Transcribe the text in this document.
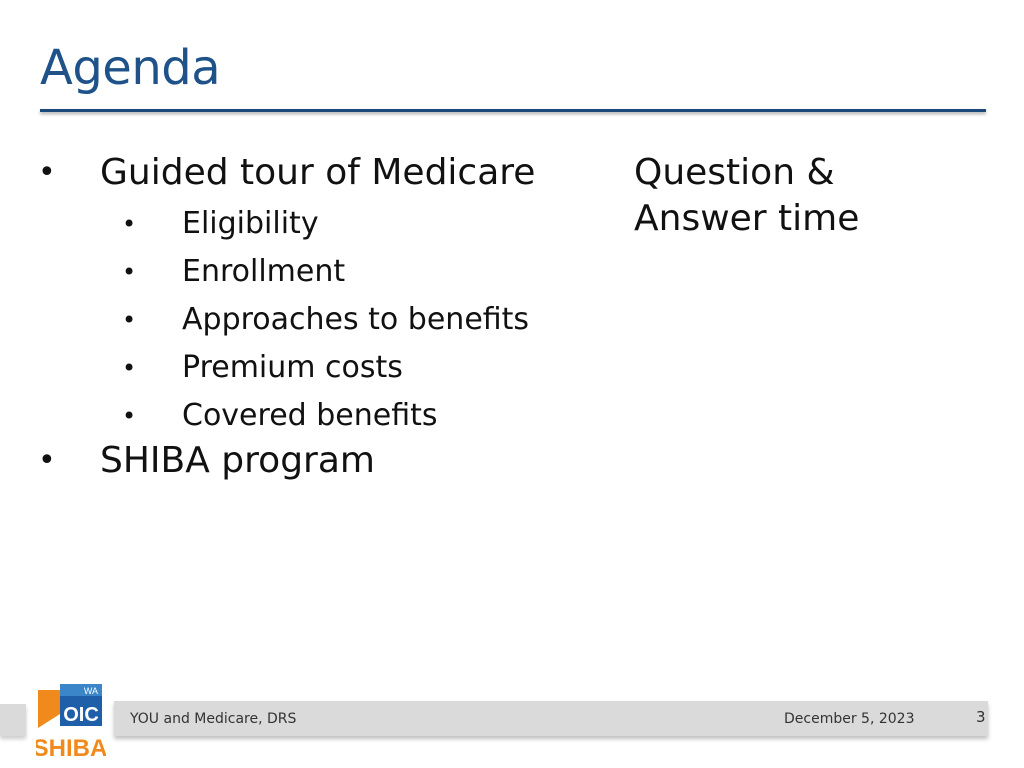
Agenda
•	Guided tour of Medicare
•	Eligibility
•	Enrollment
•	Approaches to benefits
•	Premium costs
•	Covered benefits
•	SHIBA program
Question &
Answer time
YOU and Medicare, DRS	December 5, 2023	3
WA
OIC
SHIBA
